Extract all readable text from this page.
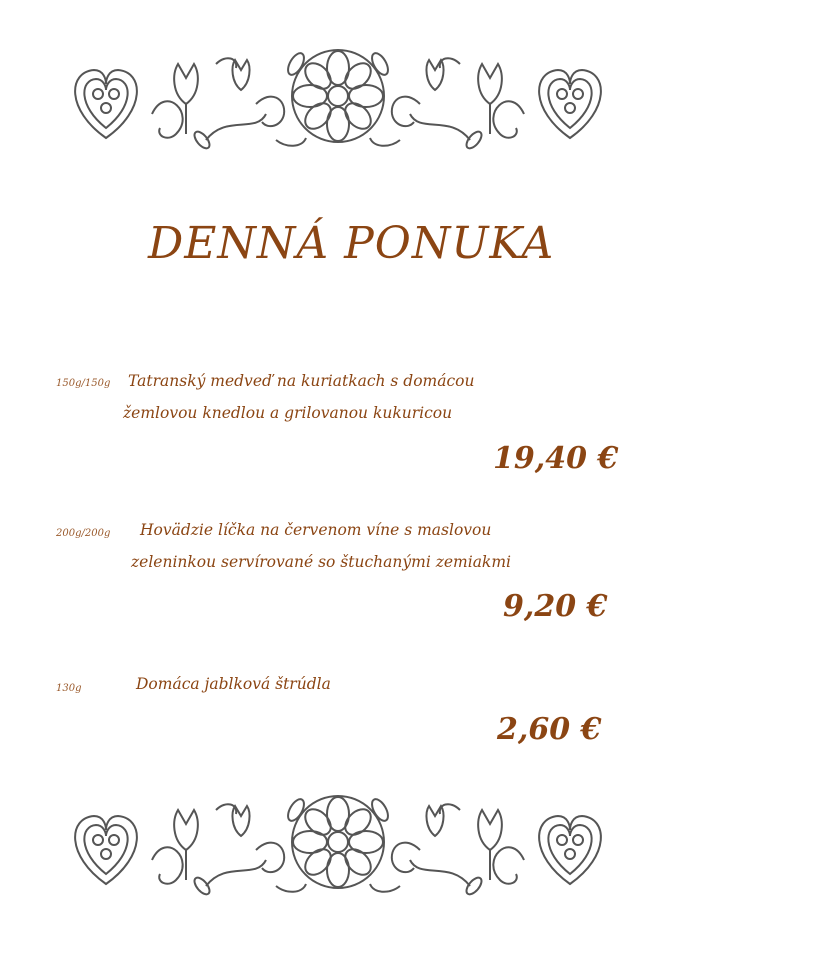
DENNÁ PONUKA
150g/150g Tatranský medveď na kuriatkach s domácou
žemlovou knedlou a grilovanou kukuricou
19,40 €
200g/200g Hovädzie líčka na červenom víne s maslovou
zeleninkou servírované so štuchanými zemiakmi
9,20 €
130g	Domáca jablková štrúdla
2,60 €
